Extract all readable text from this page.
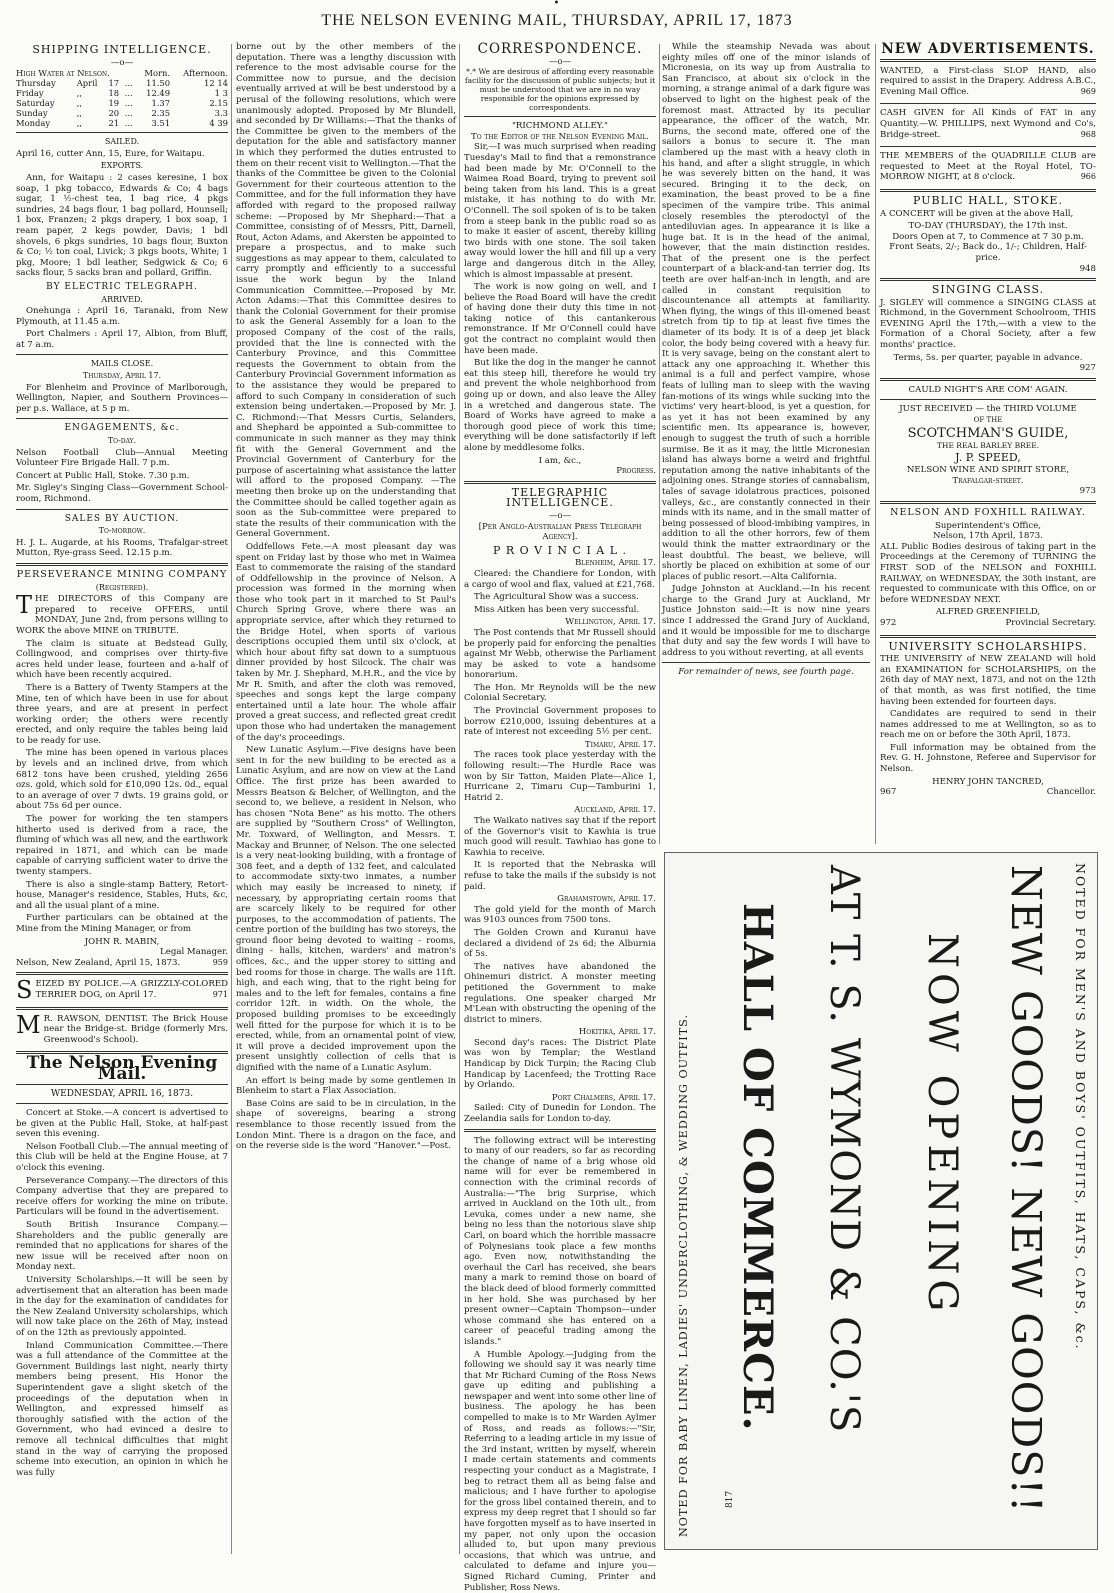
•
THE NELSON EVENING MAIL, THURSDAY, APRIL 17, 1873
SHIPPING INTELLIGENCE.
—o—
High Water at Nelson.				Morn.	Afternoon.
Thursday	April	17	...	11.50	12 14
Friday	,,	18	...	12.49	1 3
Saturday	,,	19	...	1.37	2.15
Sunday	,,	20	...	2.35	3.3
Monday	,,	21	...	3.51	4 39
SAILED.
April 16, cutter Ann, 15, Eure, for Waitapu.
EXPORTS.
Ann, for Waitapu : 2 cases keresine, 1 box soap, 1 pkg tobacco, Edwards & Co; 4 bags sugar, 1 ½-chest tea, 1 bag rice, 4 pkgs sundries, 24 bags flour, 1 bag pollard, Hounsell; 1 box, Franzen; 2 pkgs drapery, 1 box soap, 1 ream paper, 2 kegs powder, Davis; 1 bdl shovels, 6 pkgs sundries, 10 bags flour, Buxton & Co; ½ ton coal, Livick; 3 pkgs boots, White; 1 pkg, Moore; 1 bdl leather, Sedgwick & Co; 6 sacks flour, 5 sacks bran and pollard, Griffin.
BY ELECTRIC TELEGRAPH.
ARRIVED.
Onehunga : April 16, Taranaki, from New Plymouth, at 11.45 a.m.
Port Chalmers : April 17, Albion, from Bluff, at 7 a.m.
MAILS CLOSE.
Thursday, April 17.
For Blenheim and Province of Marlborough, Wellington, Napier, and Southern Provinces—per p.s. Wallace, at 5 p m.
ENGAGEMENTS, &c.
To-day.
Nelson Football Club—Annual Meeting Volunteer Fire Brigade Hall. 7 p.m.
Concert at Public Hall, Stoke. 7.30 p.m.
Mr. Sigley's Singing Class—Government School-room, Richmond.
SALES BY AUCTION.
To-morrow.
H. J. L. Augarde, at his Rooms, Trafalgar-street Mutton, Rye-grass Seed. 12.15 p.m.
PERSEVERANCE MINING COMPANY
(Registered).
THE DIRECTORS of this Company are prepared to receive OFFERS, until MONDAY, June 2nd, from persons willing to WORK the above MINE on TRIBUTE.
The claim is situate at Bedstead Gully, Collingwood, and comprises over thirty-five acres held under lease, fourteen and a-half of which have been recently acquired.
There is a Battery of Twenty Stampers at the Mine, ten of which have been in use for about three years, and are at present in perfect working order; the others were recently erected, and only require the tables being laid to be ready for use.
The mine has been opened in various places by levels and an inclined drive, from which 6812 tons have been crushed, yielding 2656 ozs. gold, which sold for £10,090 12s. 0d., equal to an average of over 7 dwts. 19 grains gold, or about 75s 6d per ounce.
The power for working the ten stampers hitherto used is derived from a race, the fluming of which was all new, and the earthwork repaired in 1871, and which can be made capable of carrying sufficient water to drive the twenty stampers.
There is also a single-stamp Battery, Retort-house, Manager's residence, Stables, Huts, &c, and all the usual plant of a mine.
Further particulars can be obtained at the Mine from the Mining Manager, or from
JOHN R. MABIN,
Legal Manager.
959
Nelson, New Zealand, April 15, 1873.
SEIZED BY POLICE.—A GRIZZLY-COLORED TERRIER DOG, on April 17.	971
M R. RAWSON, DENTIST. The Brick House near the Bridge-st. Bridge (formerly Mrs. Greenwood's School).
The Nelson Evening Mail.
WEDNESDAY, APRIL 16, 1873.
Concert at Stoke.—A concert is advertised to be given at the Public Hall, Stoke, at half-past seven this evening.
Nelson Football Club.—The annual meeting of this Club will be held at the Engine House, at 7 o'clock this evening.
Perseverance Company.—The directors of this Company advertise that they are prepared to receive offers for working the mine on tribute. Particulars will be found in the advertisement.
South British Insurance Company.—Shareholders and the public generally are reminded that no applications for shares of the new issue will be received after noon on Monday next.
University Scholarships.—It will be seen by advertisement that an alteration has been made in the day for the examination of candidates for the New Zealand University scholarships, which will now take place on the 26th of May, instead of on the 12th as previously appointed.
Inland Communication Committee.—There was a full attendance of the Committee at the Government Buildings last night, nearly thirty members being present. His Honor the Superintendent gave a slight sketch of the proceedings of the deputation when in Wellington, and expressed himself as thoroughly satisfied with the action of the Government, who had evinced a desire to remove all technical difficulties that might stand in the way of carrying the proposed scheme into execution, an opinion in which he was fully
borne out by the other members of the deputation. There was a lengthy discussion with reference to the most advisable course for the Committee now to pursue, and the decision eventually arrived at will be best understood by a perusal of the following resolutions, which were unanimously adopted. Proposed by Mr Blundell, and seconded by Dr Williams:—That the thanks of the Committee be given to the members of the deputation for the able and satisfactory manner in which they performed the duties entrusted to them on their recent visit to Wellington.—That the thanks of the Committee be given to the Colonial Government for their courteous attention to the Committee, and for the full information they have afforded with regard to the proposed railway scheme: —Proposed by Mr Shephard:—That a Committee, consisting of of Messrs, Pitt, Darnell, Rout, Acton Adams, and Akersten be appointed to prepare a prospectus, and to make such suggestions as may appear to them, calculated to carry promptly and efficiently to a successful issue the work begun by the Inland Communication Committee.—Proposed by Mr. Acton Adams:—That this Committee desires to thank the Colonial Government for their promise to ask the General Assembly for a loan to the proposed Company of the cost of the rails, provided that the line is connected with the Canterbury Province, and this Committee requests the Government to obtain from the Canterbury Provincial Government information as to the assistance they would be prepared to afford to such Company in consideration of such extension being undertaken.—Proposed by Mr. J. C. Richmond:—That Messrs Curtis, Selanders, and Shephard be appointed a Sub-committee to communicate in such manner as they may think fit with the General Government and the Provincial Government of Canterbury for the purpose of ascertaining what assistance the latter will afford to the proposed Company. —The meeting then broke up on the understanding that the Committee should be called together again as soon as the Sub-committee were prepared to state the results of their communication with the General Government.
Oddfellows Fete.—A most pleasant day was spent on Friday last by those who met in Waimea East to commemorate the raising of the standard of Oddfellowship in the province of Nelson. A procession was formed in the morning when those who took part in it marched to St Paul's Church Spring Grove, where there was an appropriate service, after which they returned to the Bridge Hotel, when sports of various descriptions occupied them until six o'clock, at which hour about fifty sat down to a sumptuous dinner provided by host Silcock. The chair was taken by Mr. J. Shephard, M.H.R., and the vice by Mr R. Smith, and after the cloth was removed, speeches and songs kept the large company entertained until a late hour. The whole affair proved a great success, and reflected great credit upon those who had undertaken the management of the day's proceedings.
New Lunatic Asylum.—Five designs have been sent in for the new building to be erected as a Lunatic Asylum, and are now on view at the Land Office. The first prize has been awarded to Messrs Beatson & Belcher, of Wellington, and the second to, we believe, a resident in Nelson, who has chosen "Nota Bene" as his motto. The others are supplied by "Southern Cross" of Wellington, Mr. Toxward, of Wellington, and Messrs. T. Mackay and Brunner, of Nelson. The one selected is a very neat-looking building, with a frontage of 308 feet, and a depth of 132 feet, and calculated to accommodate sixty-two inmates, a number which may easily be increased to ninety, if necessary, by appropriating certain rooms that are scarcely likely to be required for other purposes, to the accommodation of patients. The centre portion of the building has two storeys, the ground floor being devoted to waiting - rooms, dining - halls, kitchen, warders' and matron's offices, &c., and the upper storey to sitting and bed rooms for those in charge. The walls are 11ft. high, and each wing, that to the right being for males and to the left for females, contains a fine corridor 12ft. in width. On the whole, the proposed building promises to be exceedingly well fitted for the purpose for which it is to be erected, while, from an ornamental point of view, it will prove a decided improvement upon the present unsightly collection of cells that is dignified with the name of a Lunatic Asylum.
An effort is being made by some gentlemen in Blenheim to start a Flax Association.
Base Coins are said to be in circulation, in the shape of sovereigns, bearing a strong resemblance to those recently issued from the London Mint. There is a dragon on the face, and on the reverse side is the word "Hanover."—Post.
CORRESPONDENCE.
—o—
*.* We are desirous of affording every reasonable facility for the discussion of public subjects; but it must be understood that we are in no way responsible for the opinions expressed by correspondents.
"RICHMOND ALLEY."
To the Editor of the Nelson Evening Mail.
Sir,—I was much surprised when reading Tuesday's Mail to find that a remonstrance had been made by Mr. O'Connell to the Waimea Road Board, trying to prevent soil being taken from his land. This is a great mistake, it has nothing to do with Mr. O'Connell. The soil spoken of is to be taken from a steep bank in the public road so as to make it easier of ascent, thereby killing two birds with one stone. The soil taken away would lower the hill and fill up a very large and dangerous ditch in the Alley, which is almost impassable at present.
The work is now going on well, and I believe the Road Board will have the credit of having done their duty this time in not taking notice of this cantankerous remonstrance. If Mr O'Connell could have got the contract no complaint would then have been made.
But like the dog in the manger he cannot eat this steep hill, therefore he would try and prevent the whole neighborhood from going up or down, and also leave the Alley in a wretched and dangerous state. The Board of Works have agreed to make a thorough good piece of work this time; everything will be done satisfactorily if left alone by meddlesome folks.
I am, &c.,
Progress.
TELEGRAPHIC INTELLIGENCE.
—o—
[Per Anglo-Australian Press Telegraph Agency].
P R O V I N C I A L .
Blenheim, April 17.
Cleared: the Chandiere for London, with a cargo of wool and flax, valued at £21,768.
The Agricultural Show was a success.
Miss Aitken has been very successful.
Wellington, April 17.
The Post contends that Mr Russell should be properly paid for enforcing the penalties against Mr Webb, otherwise the Parliament may be asked to vote a handsome honorarium.
The Hon. Mr Reynolds will be the new Colonial Secretary.
The Provincial Government proposes to borrow £210,000, issuing debentures at a rate of interest not exceeding 5½ per cent.
Timaru, April 17.
The races took place yesterday with the following result:—The Hurdle Race was won by Sir Tatton, Maiden Plate—Alice 1, Hurricane 2, Timaru Cup—Tamburini 1, Hatrid 2.
Auckland, April 17.
The Waikato natives say that if the report of the Governor's visit to Kawhia is true much good will result. Tawhiao has gone to Kawhia to receive.
It is reported that the Nebraska will refuse to take the mails if the subsidy is not paid.
Grahamstown, April 17.
The gold yield for the month of March was 9103 ounces from 7500 tons.
The Golden Crown and Kuranui have declared a dividend of 2s 6d; the Alburnia of 5s.
The natives have abandoned the Ohinemuri district. A monster meeting petitioned the Government to make regulations. One speaker charged Mr M'Lean with obstructing the opening of the district to miners.
Hokitika, April 17.
Second day's races: The District Plate was won by Templar; the Westland Handicap by Dick Turpin; the Racing Club Handicap by Lacenfeed; the Trotting Race by Orlando.
Port Chalmers, April 17.
Sailed: City of Dunedin for London. The Zeelandia sails for London to-day.
The following extract will be interesting to many of our readers, so far as recording the change of name of a brig whose old name will for ever be remembered in connection with the criminal records of Australia:—"The brig Surprise, which arrived in Auckland on the 10th ult., from Levuka, comes under a new name, she being no less than the notorious slave ship Carl, on board which the horrible massacre of Polynesians took place a few months ago. Even now, notwithstanding the overhaul the Carl has received, she bears many a mark to remind those on board of the black deed of blood formerly committed in her hold. She was purchased by her present owner—Captain Thompson—under whose command she has entered on a career of peaceful trading among the islands."
A Humble Apology.—Judging from the following we should say it was nearly time that Mr Richard Cuming of the Ross News gave up editing and publishing a newspaper and went into some other line of business. The apology he has been compelled to make is to Mr Warden Aylmer of Ross, and reads as follows:—"Sir, Referring to a leading article in my issue of the 3rd instant, written by myself, wherein I made certain statements and comments respecting your conduct as a Magistrate, I beg to retract them all as being false and malicious; and I have further to apologise for the gross libel contained therein, and to express my deep regret that I should so far have forgotten myself as to have inserted in my paper, not only upon the occasion alluded to, but upon many previous occasions, that which was untrue, and calculated to defame and injure you—Signed Richard Cuming, Printer and Publisher, Ross News.
While the steamship Nevada was about eighty miles off one of the minor islands of Micronesia, on its way up from Australia to San Francisco, at about six o'clock in the morning, a strange animal of a dark figure was observed to light on the highest peak of the foremost mast. Attracted by its peculiar appearance, the officer of the watch, Mr. Burns, the second mate, offered one of the sailors a bonus to secure it. The man clambered up the mast with a heavy cloth in his hand, and after a slight struggle, in which he was severely bitten on the hand, it was secured. Bringing it to the deck, on examination, the beast proved to be a fine specimen of the vampire tribe. This animal closely resembles the pterodoctyl of the antediluvian ages. In appearance it is like a huge bat. It is in the head of the animal, however, that the main distinction resides. That of the present one is the perfect counterpart of a black-and-tan terrier dog. Its teeth are over half-an-inch in length, and are called in constant requisition to discountenance all attempts at familiarity. When flying, the wings of this ill-omened beast stretch from tip to tip at least five times the diameter of its body. It is of a deep jet black color, the body being covered with a heavy fur. It is very savage, being on the constant alert to attack any one approaching it. Whether this animal is a full and perfect vampire, whose feats of lulling man to sleep with the waving fan-motions of its wings while sucking into the victims' very heart-blood, is yet a question, for as yet it has not been examined by any scientific men. Its appearance is, however, enough to suggest the truth of such a horrible surmise. Be it as it may, the little Micronesian island has always borne a weird and frightful reputation among the native inhabitants of the adjoining ones. Strange stories of cannabalism, tales of savage idolatrous practices, poisoned valleys, &c., are constantly connected in their minds with its name, and in the small matter of being possessed of blood-imbibing vampires, in addition to all the other horrors, few of them would think the matter extraordinary or the least doubtful. The beast, we believe, will shortly be placed on exhibition at some of our places of public resort.—Alta California.
Judge Johnston at Auckland.—In his recent charge to the Grand Jury at Auckland, Mr Justice Johnston said:—It is now nine years since I addressed the Grand Jury of Auckland, and it would be impossible for me to discharge that duty and say the few words I will have to address to you without reverting, at all events
For remainder of news, see fourth page.
NEW ADVERTISEMENTS.
WANTED, a First-class SLOP HAND, also required to assist in the Drapery. Address A.B.C., Evening Mail Office.	969
CASH GIVEN for All Kinds of FAT in any Quantity.—W. PHILLIPS, next Wymond and Co's, Bridge-street.	968
THE MEMBERS of the QUADRILLE CLUB are requested to Meet at the Royal Hotel, TO-MORROW NIGHT, at 8 o'clock.	966
PUBLIC HALL, STOKE.
A CONCERT will be given at the above Hall,
TO-DAY (THURSDAY), the 17th inst.
Doors Open at 7, to Commence at 7 30 p.m.
Front Seats, 2/-; Back do., 1/-; Children, Half-price.
948
SINGING CLASS.
J. SIGLEY will commence a SINGING CLASS at Richmond, in the Government Schoolroom, THIS EVENING April the 17th,—with a view to the Formation of a Choral Society, after a few months' practice.
Terms, 5s. per quarter, payable in advance.
927
CAULD NIGHT'S ARE COM' AGAIN.
JUST RECEIVED — the THIRD VOLUME
OF THE
SCOTCHMAN'S GUIDE,
THE REAL BARLEY BREE.
J. P. SPEED,
NELSON WINE AND SPIRIT STORE,
Trafalgar-street.
973
NELSON AND FOXHILL RAILWAY.
Superintendent's Office,
Nelson, 17th April, 1873.
ALL Public Bodies desirous of taking part in the Proceedings at the Ceremony of TURNING the FIRST SOD of the NELSON and FOXHILL RAILWAY, on WEDNESDAY, the 30th instant, are requested to communicate with this Office, on or before WEDNESDAY NEXT.
ALFRED GREENFIELD,
972	Provincial Secretary.
UNIVERSITY SCHOLARSHIPS.
THE UNIVERSITY of NEW ZEALAND will hold an EXAMINATION for SCHOLARSHIPS, on the 26th day of MAY next, 1873, and not on the 12th of that month, as was first notified, the time having been extended for fourteen days.
Candidates are required to send in their names addressed to me at Wellington, so as to reach me on or before the 30th April, 1873.
Full information may be obtained from the Rev. G. H. Johnstone, Referee and Supervisor for Nelson.
HENRY JOHN TANCRED,
967	Chancellor.
NOTED FOR MEN'S AND BOYS' OUTFITS, HATS, CAPS, &c.
NEW GOODS! NEW GOODS!!
NOW OPENING
AT T. S. WYMOND & CO.'S
HALL OF COMMERCE.
NOTED FOR BABY LINEN, LADIES' UNDERCLOTHING, & WEDDING OUTFITS.	817
